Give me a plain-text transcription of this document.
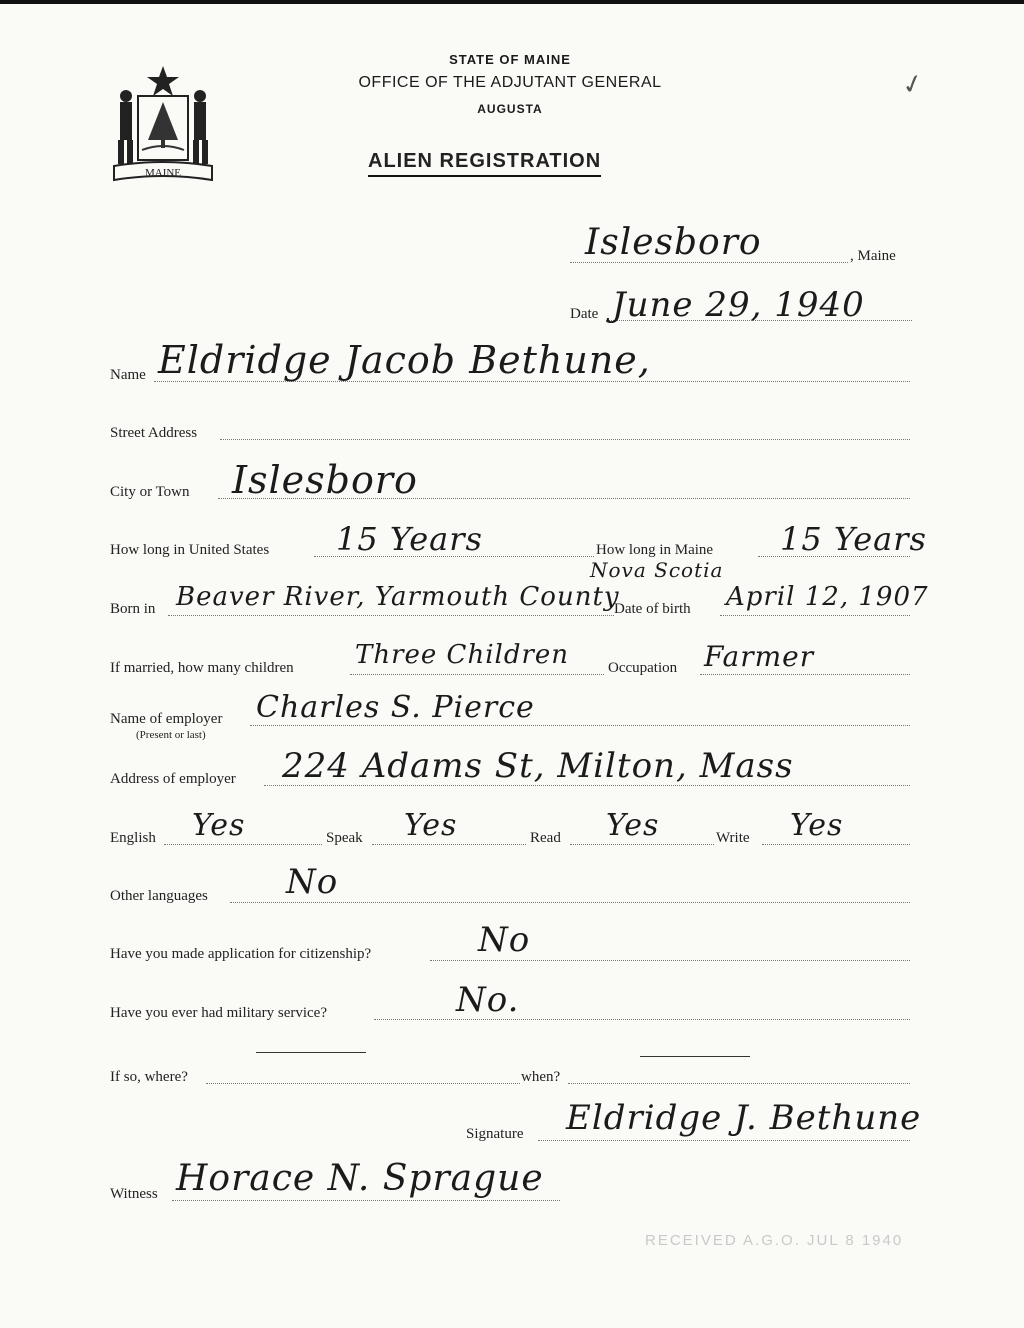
MAINE
STATE OF MAINE
OFFICE OF THE ADJUTANT GENERAL
AUGUSTA
ALIEN REGISTRATION
✓
Islesboro	, Maine
Date June 29, 1940
Name Eldridge Jacob Bethune,
Street Address
City or Town Islesboro
How long in United States 15 Years	How long in Maine 15 Years
Nova Scotia
Born in Beaver River, Yarmouth County
Date of birth April 12, 1907
If married, how many children Three Children	Occupation Farmer
Name of employer
(Present or last)
Charles S. Pierce
Address of employer 224 Adams St, Milton, Mass
English Yes	Speak Yes	Read Yes	Write Yes
Other languages No
Have you made application for citizenship?	No
Have you ever had military service?	No.
If so, where?	when?
Signature Eldridge J. Bethune
Witness Horace N. Sprague
RECEIVED A.G.O. JUL 8 1940
